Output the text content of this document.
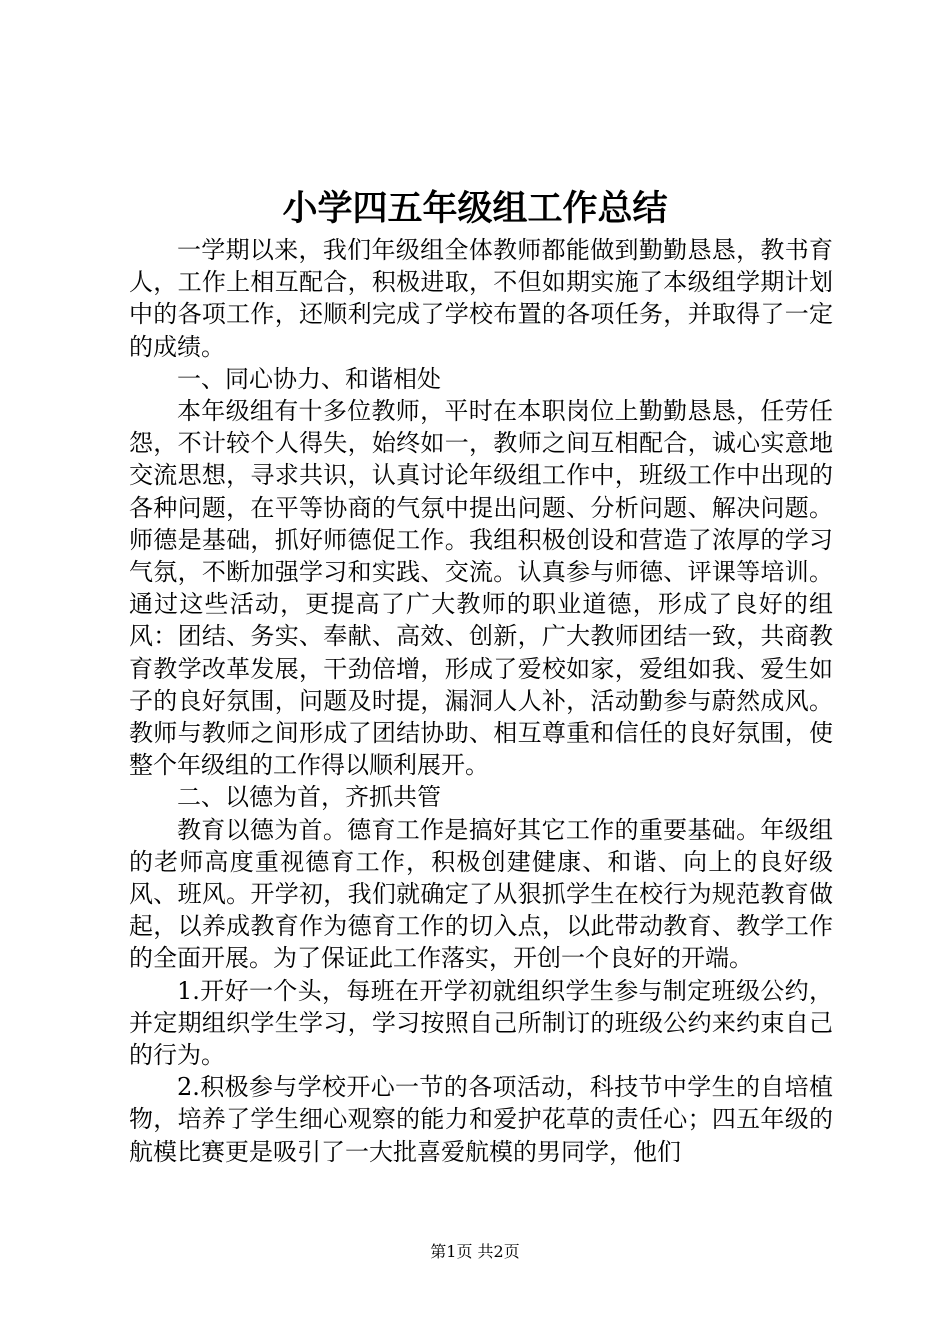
小学四五年级组工作总结

一学期以来，我们年级组全体教师都能做到勤勤恳恳，教书育人，工作上相互配合，积极进取，不但如期实施了本级组学期计划中的各项工作，还顺利完成了学校布置的各项任务，并取得了一定的成绩。

一、同心协力、和谐相处

本年级组有十多位教师，平时在本职岗位上勤勤恳恳，任劳任怨，不计较个人得失，始终如一，教师之间互相配合，诚心实意地交流思想，寻求共识，认真讨论年级组工作中，班级工作中出现的各种问题，在平等协商的气氛中提出问题、分析问题、解决问题。师德是基础，抓好师德促工作。我组积极创设和营造了浓厚的学习气氛，不断加强学习和实践、交流。认真参与师德、评课等培训。通过这些活动，更提高了广大教师的职业道德，形成了良好的组风：团结、务实、奉献、高效、创新，广大教师团结一致，共商教育教学改革发展，干劲倍增，形成了爱校如家，爱组如我、爱生如子的良好氛围，问题及时提，漏洞人人补，活动勤参与蔚然成风。教师与教师之间形成了团结协助、相互尊重和信任的良好氛围，使整个年级组的工作得以顺利展开。

二、以德为首，齐抓共管

教育以德为首。德育工作是搞好其它工作的重要基础。年级组的老师高度重视德育工作，积极创建健康、和谐、向上的良好级风、班风。开学初，我们就确定了从狠抓学生在校行为规范教育做起，以养成教育作为德育工作的切入点，以此带动教育、教学工作的全面开展。为了保证此工作落实，开创一个良好的开端。

1.开好一个头，每班在开学初就组织学生参与制定班级公约，并定期组织学生学习，学习按照自己所制订的班级公约来约束自己的行为。

2.积极参与学校开心一节的各项活动，科技节中学生的自培植物，培养了学生细心观察的能力和爱护花草的责任心；四五年级的航模比赛更是吸引了一大批喜爱航模的男同学，他们

第1页 共2页
